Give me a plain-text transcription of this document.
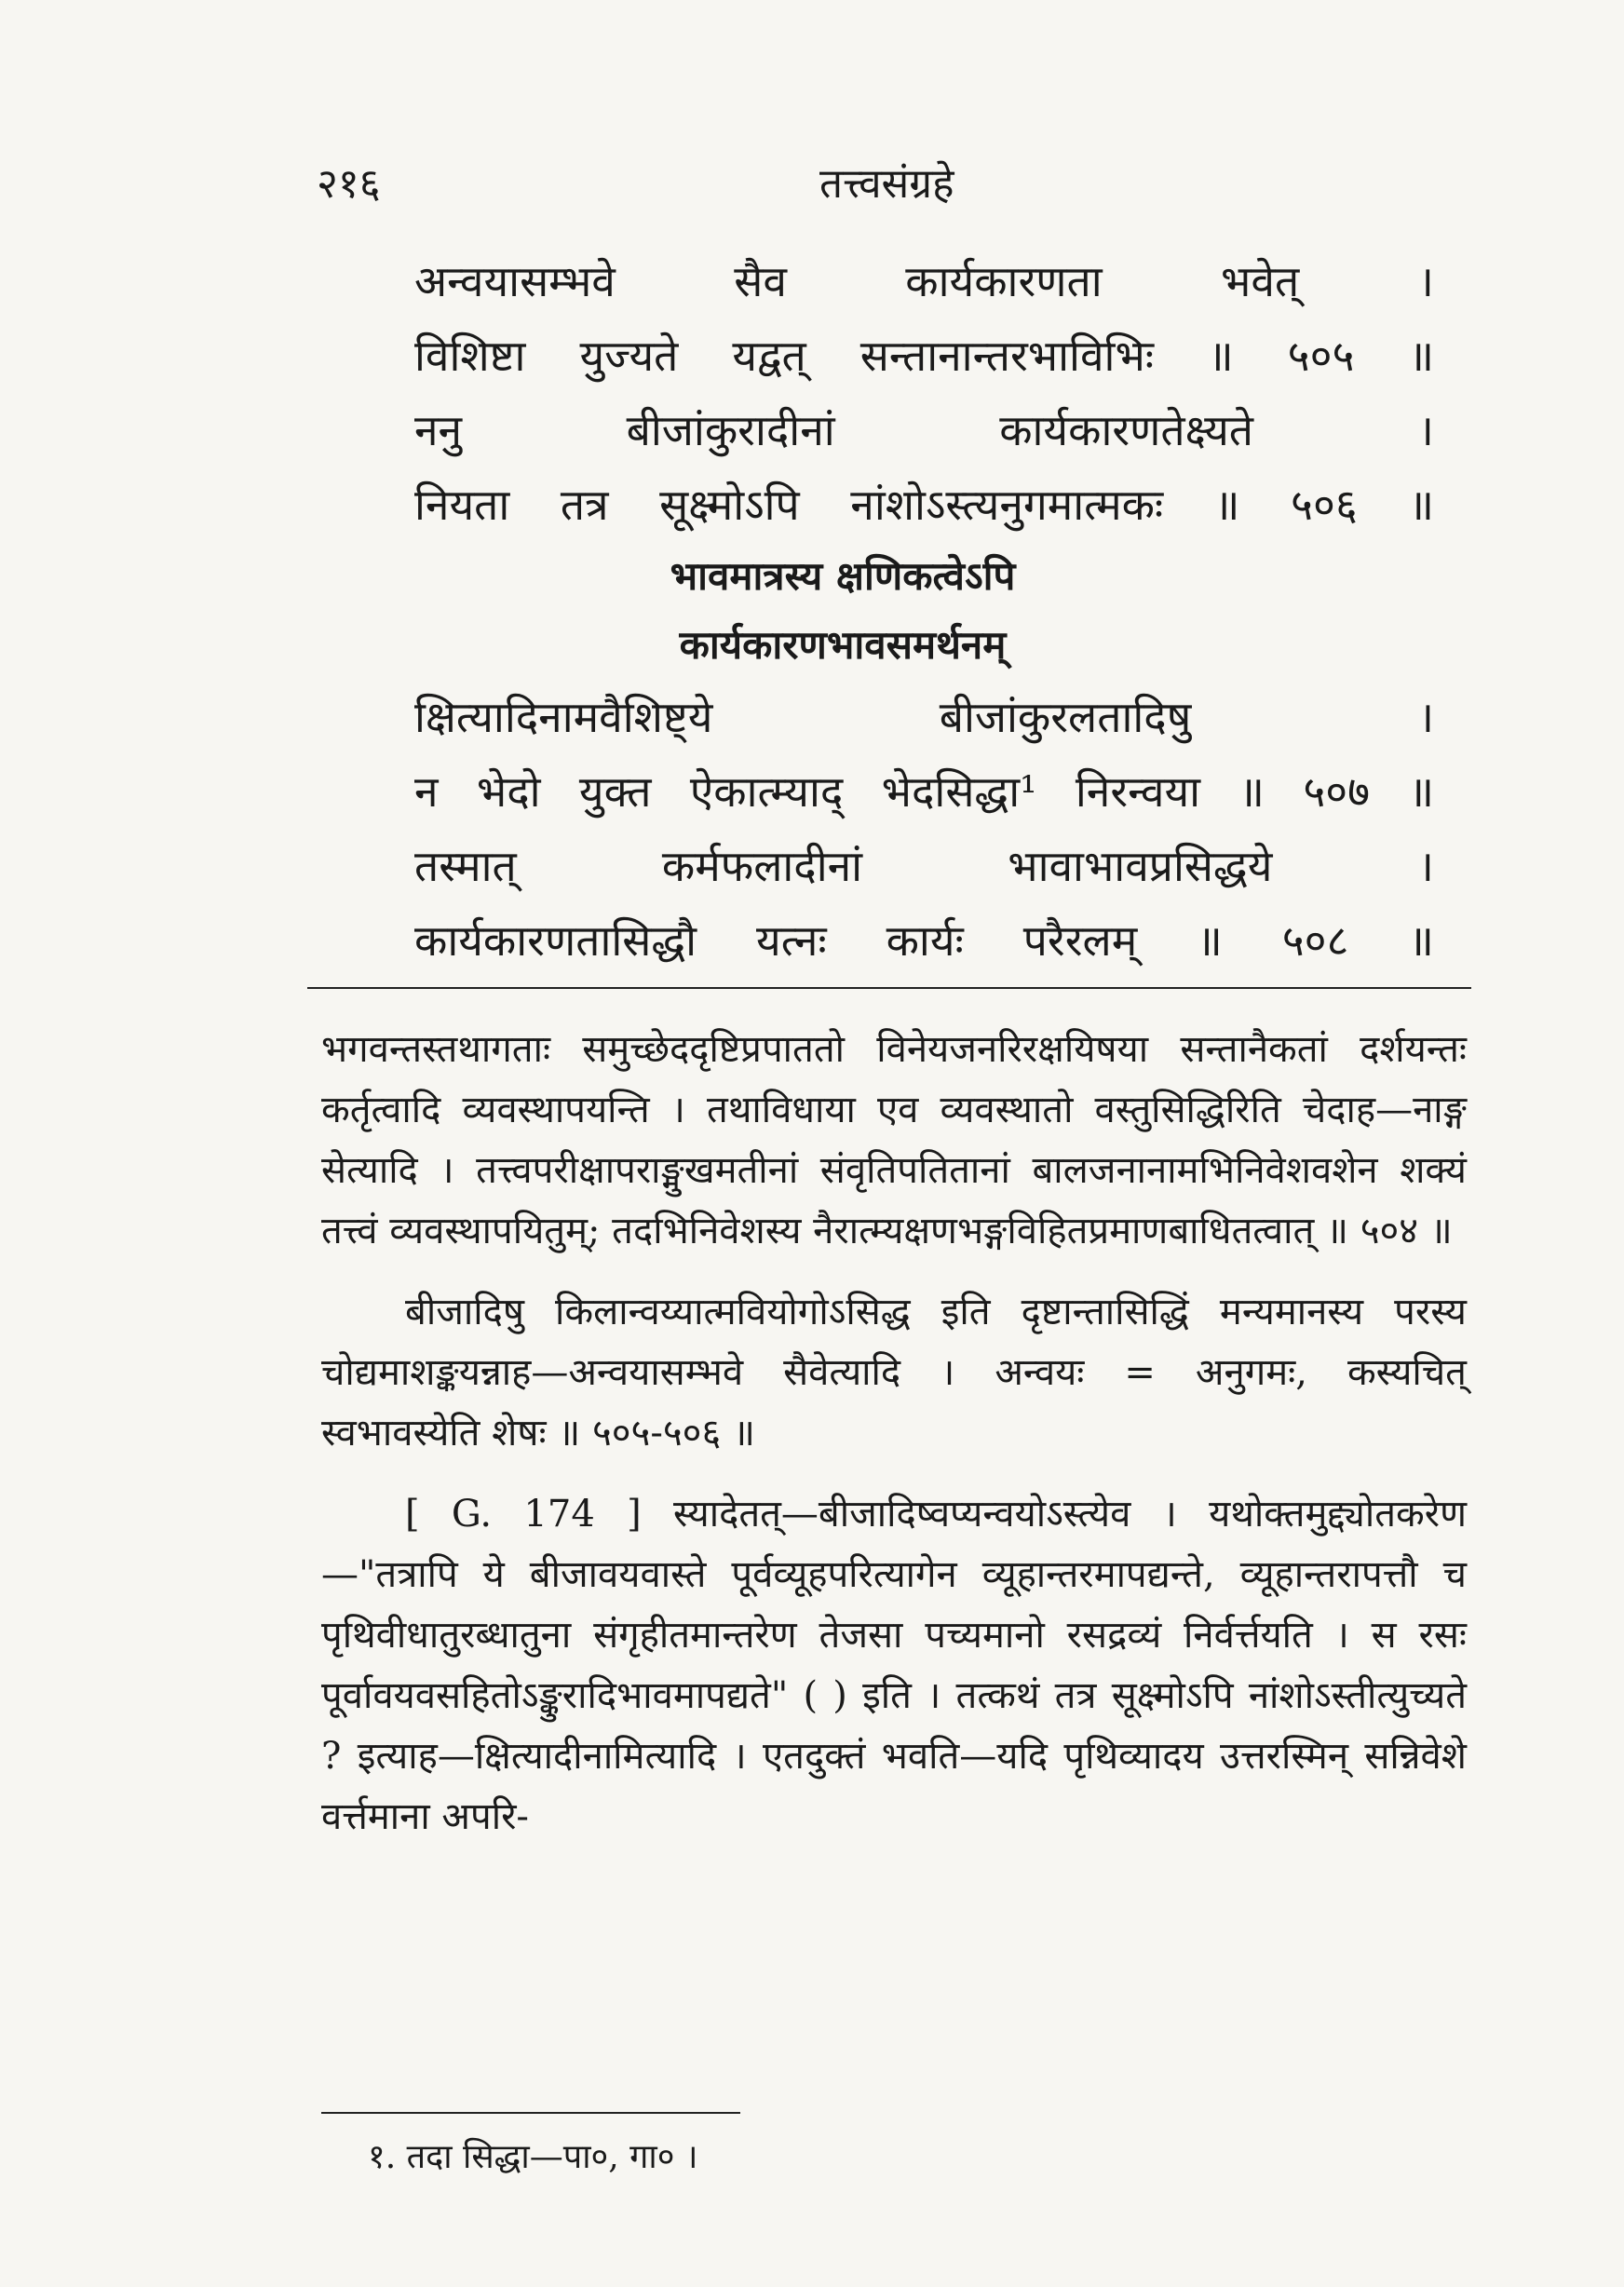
२१६	तत्त्वसंग्रहे
अन्वयासम्भवे सैव कार्यकारणता भवेत् ।
विशिष्टा युज्यते यद्वत् सन्तानान्तरभाविभिः ॥ ५०५ ॥
ननु बीजांकुरादीनां कार्यकारणतेक्ष्यते ।
नियता तत्र सूक्ष्मोऽपि नांशोऽस्त्यनुगमात्मकः ॥ ५०६ ॥
भावमात्रस्य क्षणिकत्वेऽपि
कार्यकारणभावसमर्थनम्
क्षित्यादिनामवैशिष्ट्ये बीजांकुरलतादिषु ।
न भेदो युक्त ऐकात्म्याद् भेदसिद्धा¹ निरन्वया ॥ ५०७ ॥
तस्मात् कर्मफलादीनां भावाभावप्रसिद्धये ।
कार्यकारणतासिद्धौ यत्नः कार्यः परैरलम् ॥ ५०८ ॥

भगवन्तस्तथागताः समुच्छेददृष्टिप्रपाततो विनेयजनरिरक्षयिषया सन्तानैकतां दर्शयन्तः कर्तृत्वादि व्यवस्थापयन्ति । तथाविधाया एव व्यवस्थातो वस्तुसिद्धिरिति चेदाह—नाङ्ग सेत्यादि । तत्त्वपरीक्षापराङ्मुखमतीनां संवृतिपतितानां बालजनानामभिनिवेशवशेन शक्यं तत्त्वं व्यवस्थापयितुम्; तदभिनिवेशस्य नैरात्म्यक्षणभङ्गविहितप्रमाणबाधितत्वात् ॥ ५०४ ॥

बीजादिषु किलान्वय्यात्मवियोगोऽसिद्ध इति दृष्टान्तासिद्धिं मन्यमानस्य परस्य चोद्यमाशङ्कयन्नाह—अन्वयासम्भवे सैवेत्यादि । अन्वयः = अनुगमः, कस्यचित् स्वभावस्येति शेषः ॥ ५०५-५०६ ॥

[ G. 174 ] स्यादेतत्—बीजादिष्वप्यन्वयोऽस्त्येव । यथोक्तमुद्द्योतकरेण—"तत्रापि ये बीजावयवास्ते पूर्वव्यूहपरित्यागेन व्यूहान्तरमापद्यन्ते, व्यूहान्तरापत्तौ च पृथिवीधातुरब्धातुना संगृहीतमान्तरेण तेजसा पच्यमानो रसद्रव्यं निर्वर्त्तयति । स रसः पूर्वावयवसहितोऽङ्कुरादिभावमापद्यते" ( ) इति । तत्कथं तत्र सूक्ष्मोऽपि नांशोऽस्तीत्युच्यते ? इत्याह—क्षित्यादीनामित्यादि । एतदुक्तं भवति—यदि पृथिव्यादय उत्तरस्मिन् सन्निवेशे वर्त्तमाना अपरि-

१. तदा सिद्धा—पा०, गा० ।
